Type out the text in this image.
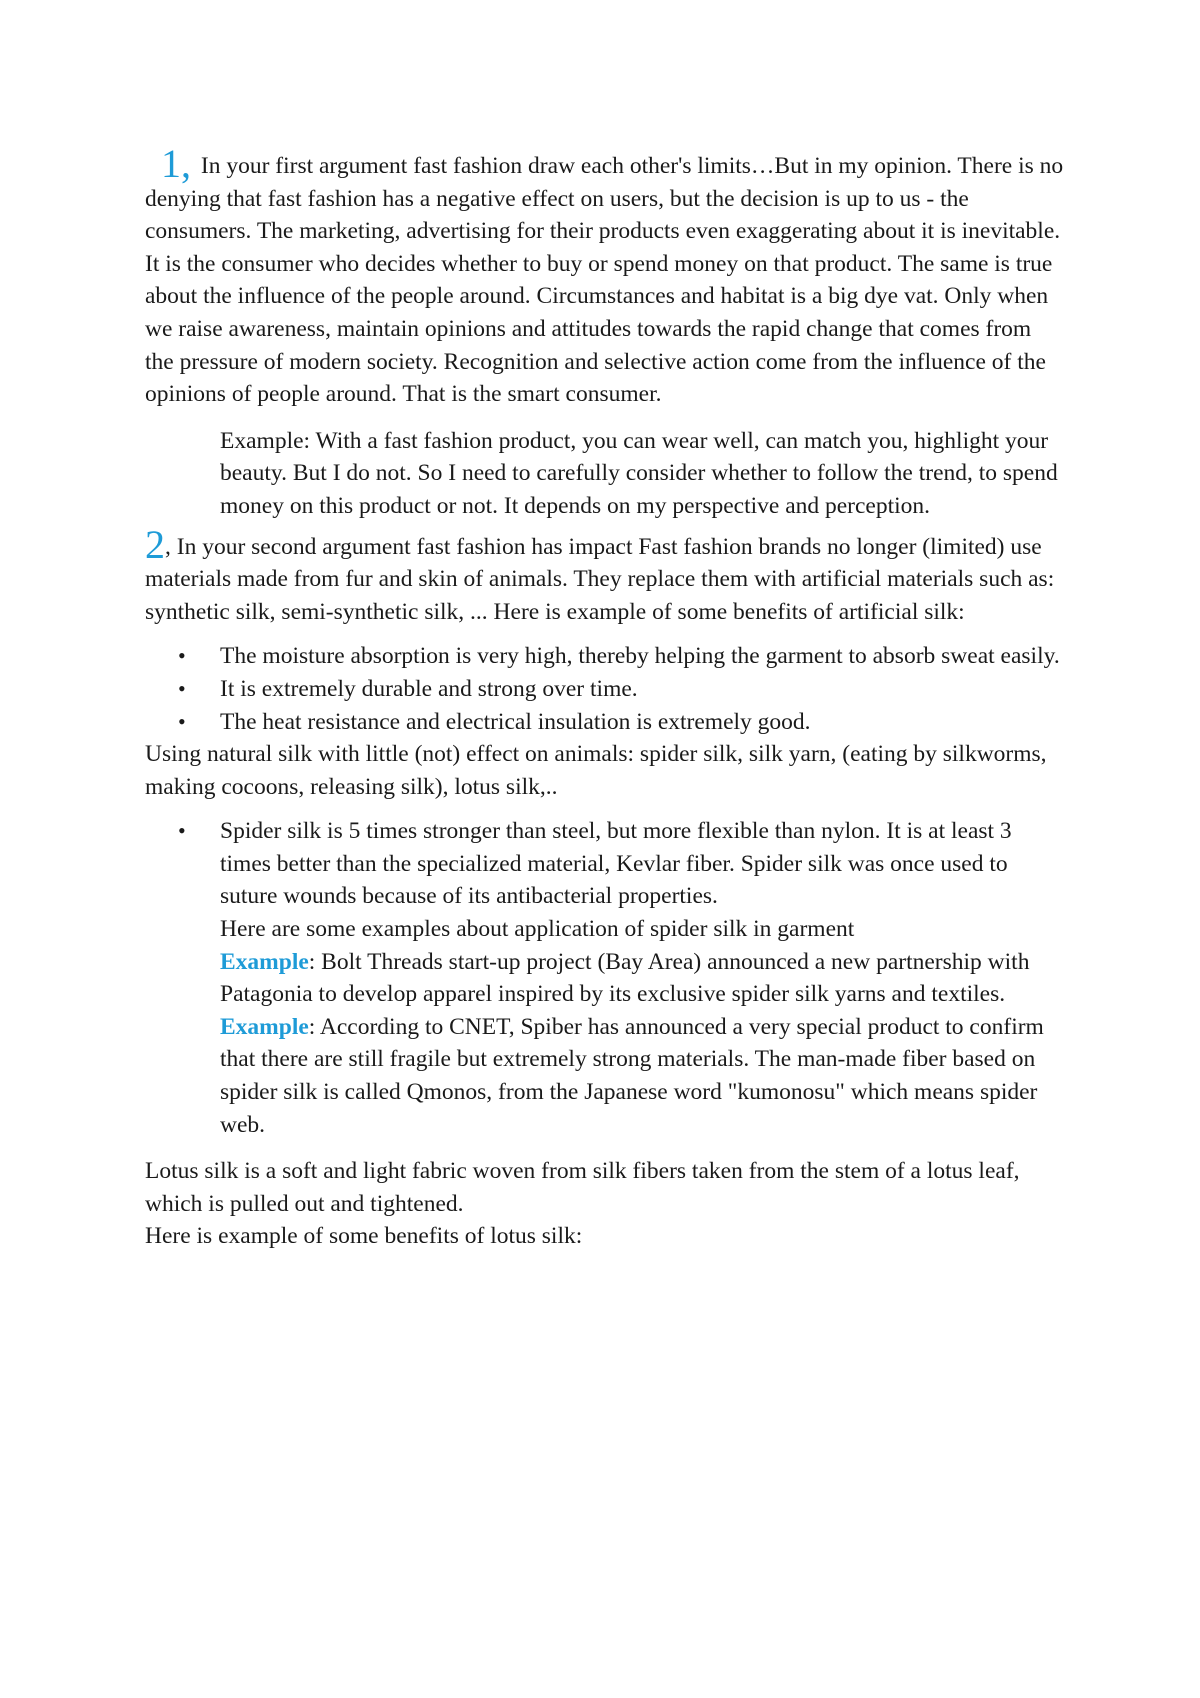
1, In your first argument fast fashion draw each other's limits…But in my opinion. There is no denying that fast fashion has a negative effect on users, but the decision is up to us - the consumers. The marketing, advertising for their products even exaggerating about it is inevitable. It is the consumer who decides whether to buy or spend money on that product. The same is true about the influence of the people around. Circumstances and habitat is a big dye vat. Only when we raise awareness, maintain opinions and attitudes towards the rapid change that comes from the pressure of modern society. Recognition and selective action come from the influence of the opinions of people around. That is the smart consumer.

Example: With a fast fashion product, you can wear well, can match you, highlight your beauty. But I do not. So I need to carefully consider whether to follow the trend, to spend money on this product or not. It depends on my perspective and perception.

2, In your second argument fast fashion has impact Fast fashion brands no longer (limited) use materials made from fur and skin of animals. They replace them with artificial materials such as: synthetic silk, semi-synthetic silk, ... Here is example of some benefits of artificial silk:

• The moisture absorption is very high, thereby helping the garment to absorb sweat easily.
• It is extremely durable and strong over time.
• The heat resistance and electrical insulation is extremely good.

Using natural silk with little (not) effect on animals: spider silk, silk yarn, (eating by silkworms, making cocoons, releasing silk), lotus silk,..

• Spider silk is 5 times stronger than steel, but more flexible than nylon. It is at least 3 times better than the specialized material, Kevlar fiber. Spider silk was once used to suture wounds because of its antibacterial properties.
Here are some examples about application of spider silk in garment
Example: Bolt Threads start-up project (Bay Area) announced a new partnership with Patagonia to develop apparel inspired by its exclusive spider silk yarns and textiles.
Example: According to CNET, Spiber has announced a very special product to confirm that there are still fragile but extremely strong materials. The man-made fiber based on spider silk is called Qmonos, from the Japanese word "kumonosu" which means spider web.

Lotus silk is a soft and light fabric woven from silk fibers taken from the stem of a lotus leaf, which is pulled out and tightened.

Here is example of some benefits of lotus silk:
